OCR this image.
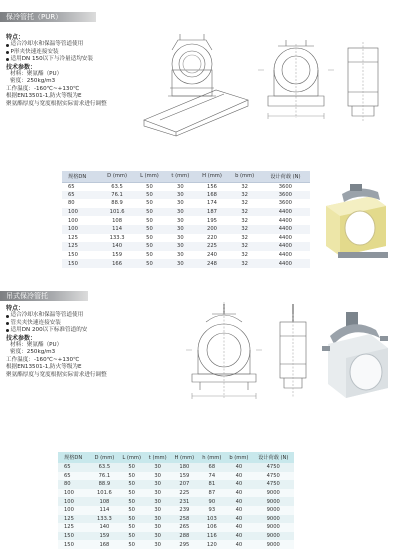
保冷管托（PUR）
特点：
适合冷却水和保温等管道使用
P形夹快速连接安装
适用DN 150以下与冷量适均安装
技术参数：
材料：聚氨酯（PU）
密度：250kg/m3
工作温度：-160℃~+130℃
根据EN13501-1,防火等级为E
聚氨酯厚度与宽度根据实际需求进行调整
规格DN	D (mm)	L (mm)	t (mm)	H (mm)	b (mm)	设计荷载 (N)
65	63.5	50	30	156	32	3600
65	76.1	50	30	168	32	3600
80	88.9	50	30	174	32	3600
100	101.6	50	30	187	32	4400
100	108	50	30	195	32	4400
100	114	50	30	200	32	4400
125	133.3	50	30	220	32	4400
125	140	50	30	225	32	4400
150	159	50	30	240	32	4400
150	166	50	30	248	32	4400
吊式保冷管托
特点：
适合冷却水和保温等管道使用
管夹夹快速连接安装
适用DN 200以下标准管道的安
技术参数：
材料：聚氨酯（PU）
密度：250kg/m3
工作温度：-160℃~+130℃
根据EN13501-1,防火等级为E
聚氨酯厚度与宽度根据实际需求进行调整
规格DN	D (mm)	L (mm)	t (mm)	H (mm)	h (mm)	b (mm)	设计荷载 (N)
65	63.5	50	30	180	68	40	4750
65	76.1	50	30	159	74	40	4750
80	88.9	50	30	207	81	40	4750
100	101.6	50	30	225	87	40	9000
100	108	50	30	231	90	40	9000
100	114	50	30	239	93	40	9000
125	133.3	50	30	258	103	40	9000
125	140	50	30	265	106	40	9000
150	159	50	30	288	116	40	9000
150	168	50	30	295	120	40	9000
